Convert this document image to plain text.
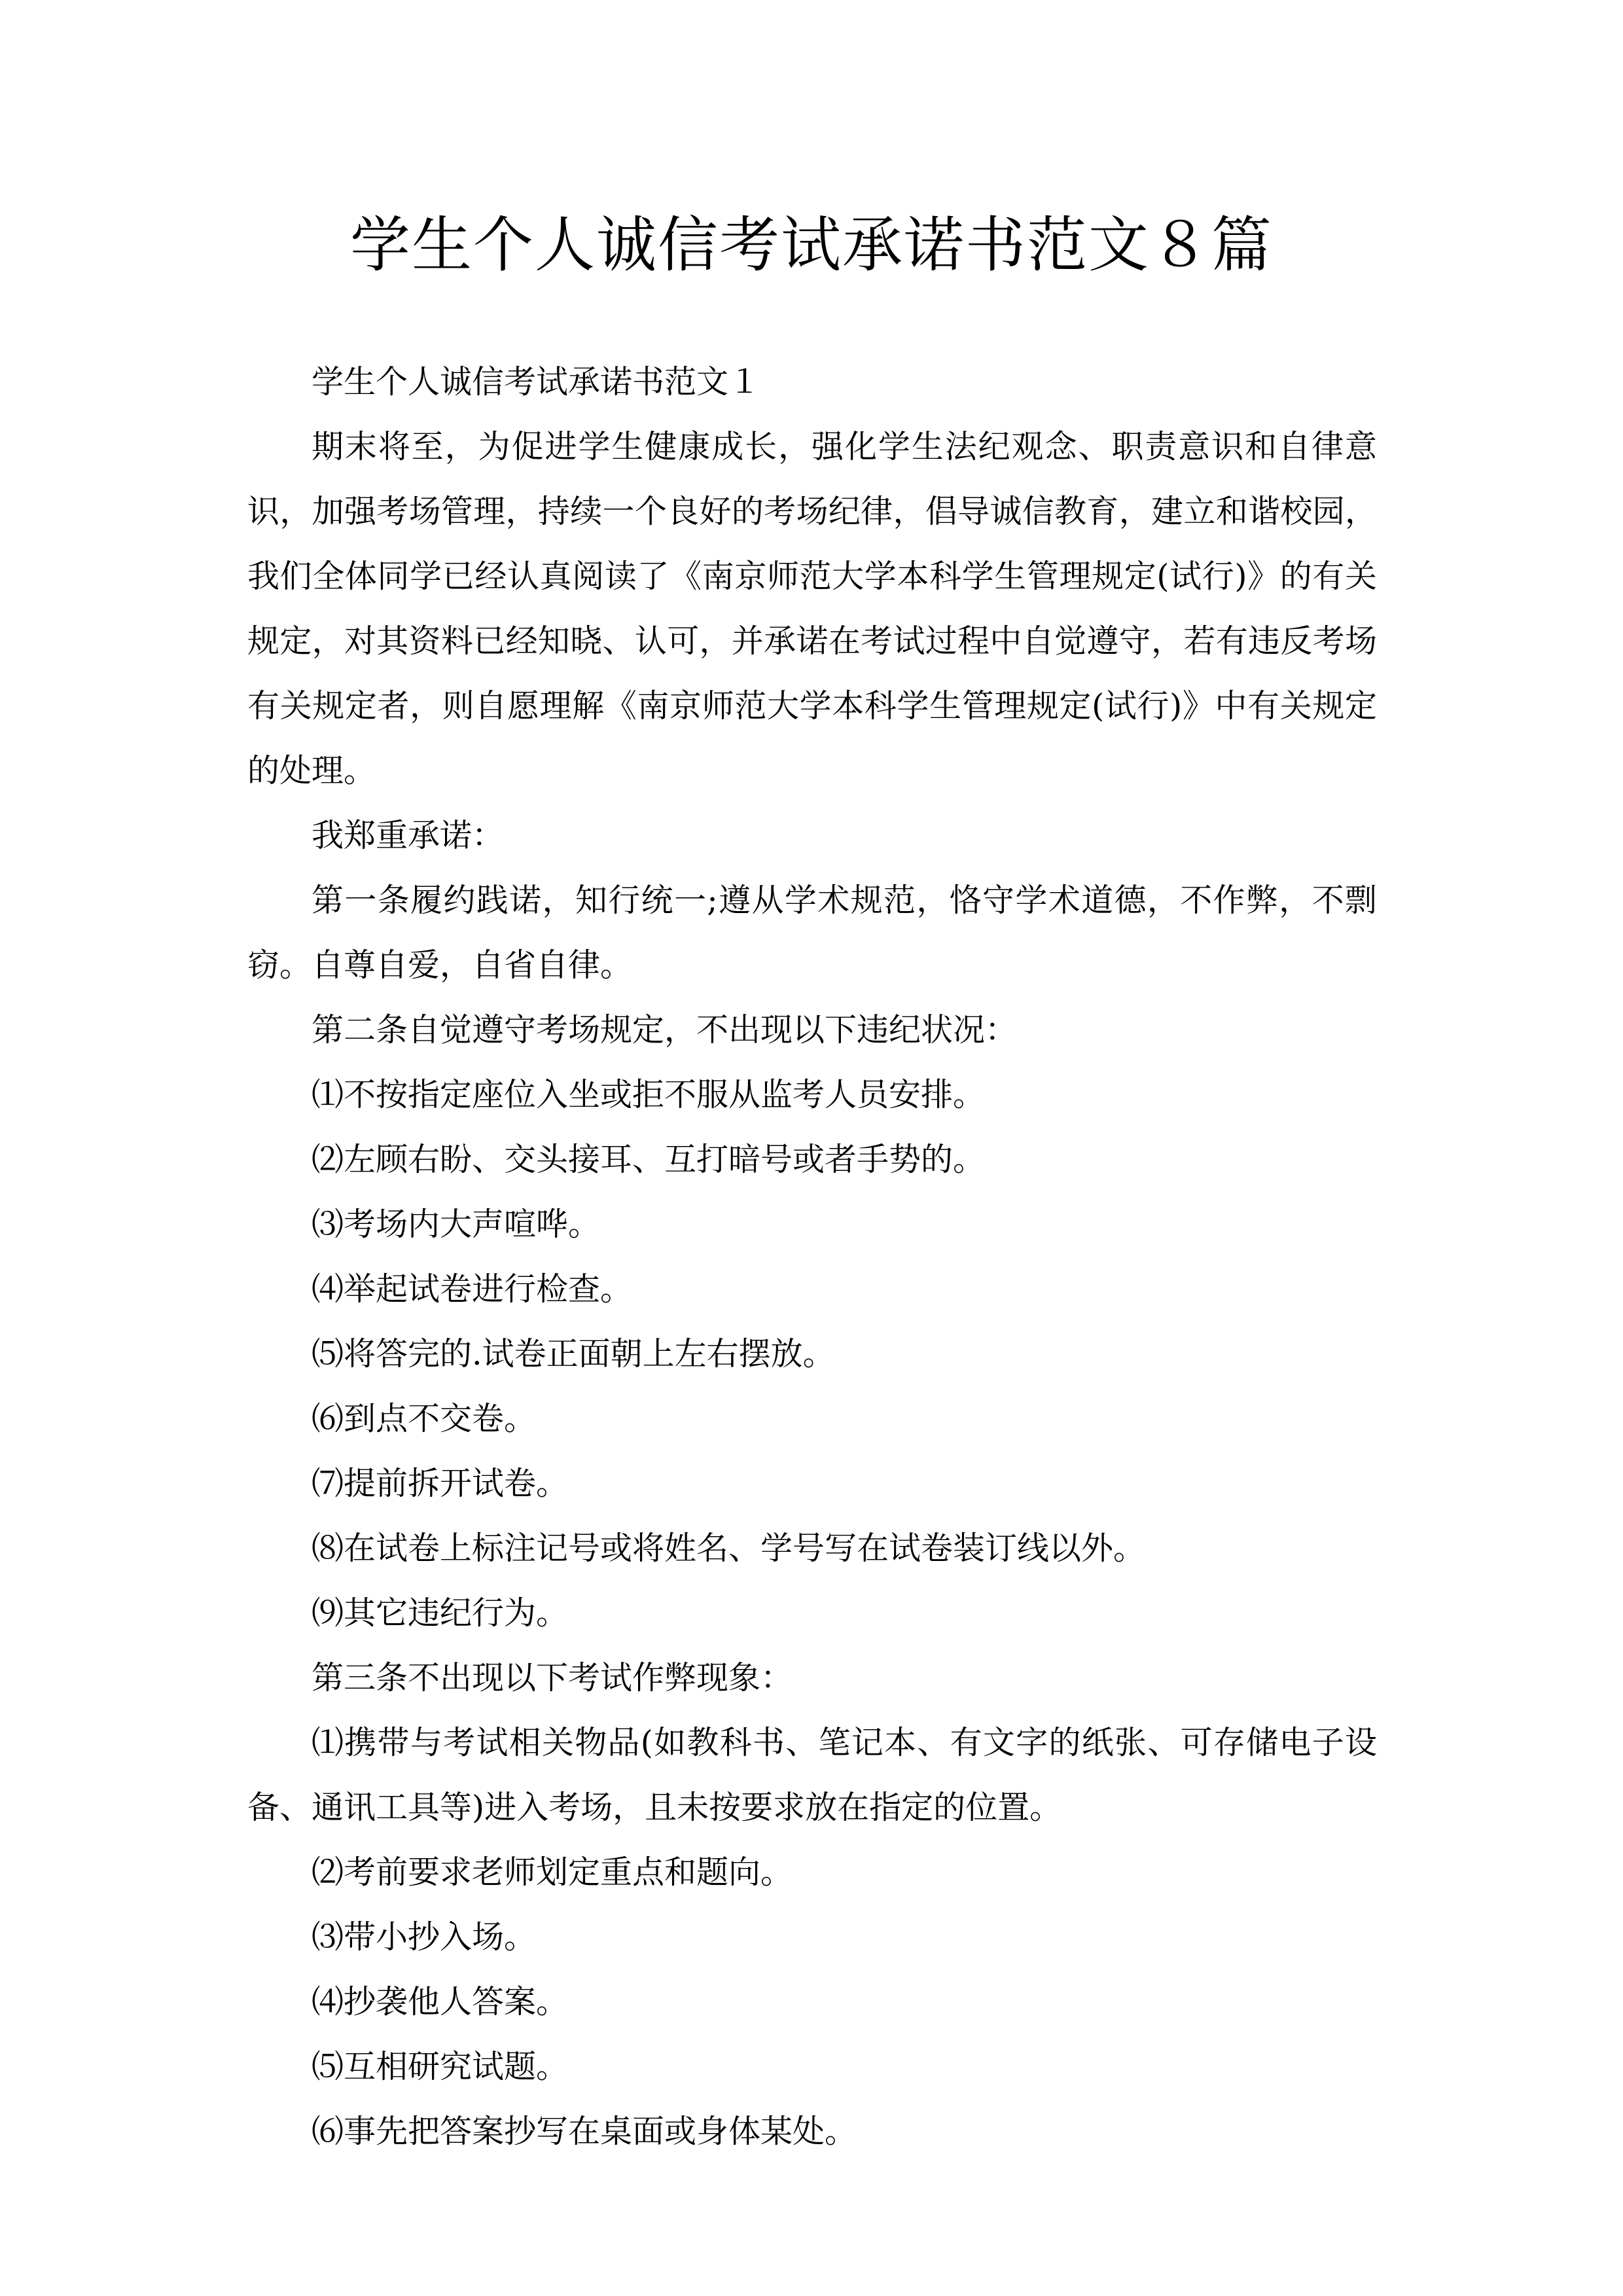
学生个人诚信考试承诺书范文８篇

学生个人诚信考试承诺书范文１

期末将至，为促进学生健康成长，强化学生法纪观念、职责意识和自律意识，加强考场管理，持续一个良好的考场纪律，倡导诚信教育，建立和谐校园，我们全体同学已经认真阅读了《南京师范大学本科学生管理规定(试行)》的有关规定，对其资料已经知晓、认可，并承诺在考试过程中自觉遵守，若有违反考场有关规定者，则自愿理解《南京师范大学本科学生管理规定(试行)》中有关规定的处理。

我郑重承诺：

第一条履约践诺，知行统一;遵从学术规范，恪守学术道德，不作弊，不剽窃。自尊自爱，自省自律。

第二条自觉遵守考场规定，不出现以下违纪状况：

⑴不按指定座位入坐或拒不服从监考人员安排。

⑵左顾右盼、交头接耳、互打暗号或者手势的。

⑶考场内大声喧哗。

⑷举起试卷进行检查。

⑸将答完的.试卷正面朝上左右摆放。

⑹到点不交卷。

⑺提前拆开试卷。

⑻在试卷上标注记号或将姓名、学号写在试卷装订线以外。

⑼其它违纪行为。

第三条不出现以下考试作弊现象：

⑴携带与考试相关物品(如教科书、笔记本、有文字的纸张、可存储电子设备、通讯工具等)进入考场，且未按要求放在指定的位置。

⑵考前要求老师划定重点和题向。

⑶带小抄入场。

⑷抄袭他人答案。

⑸互相研究试题。

⑹事先把答案抄写在桌面或身体某处。
